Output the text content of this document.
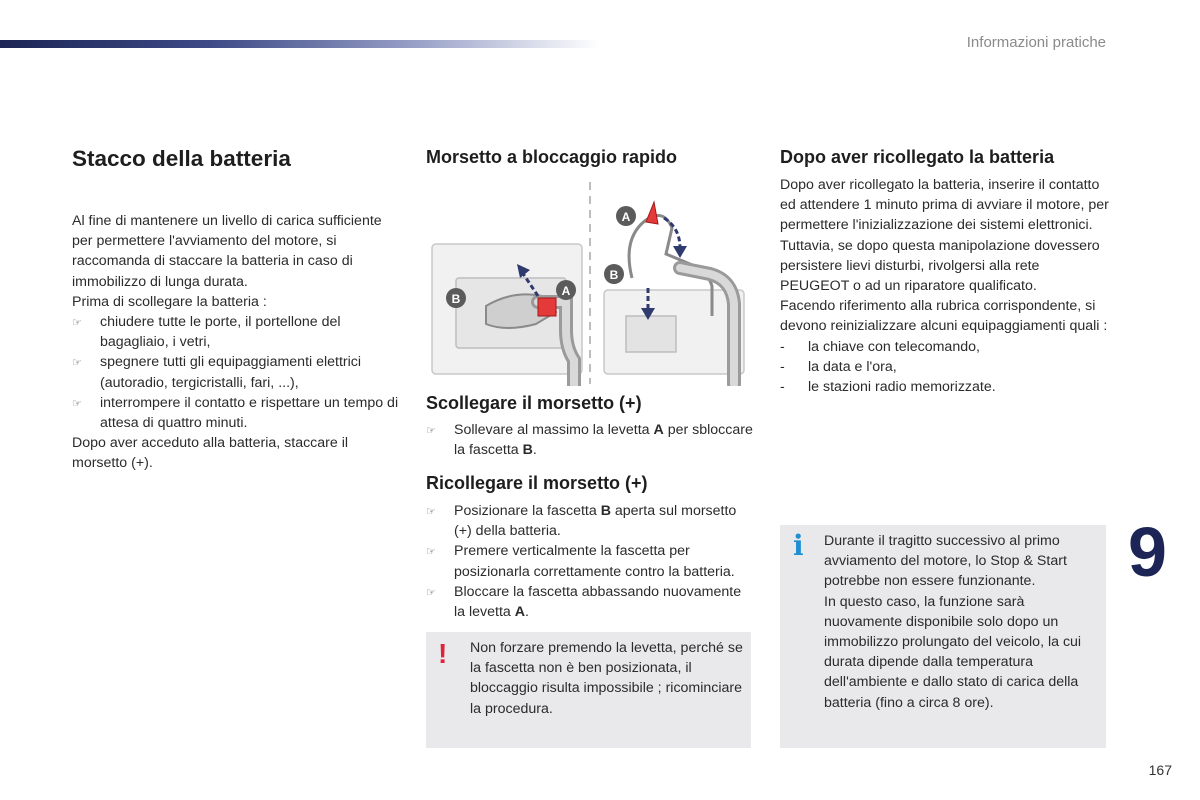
Informazioni pratiche
Stacco della batteria

Al fine di mantenere un livello di carica sufficiente per permettere l'avviamento del motore, si raccomanda di staccare la batteria in caso di immobilizzo di lunga durata.

Prima di scollegare la batteria :

☞	chiudere tutte le porte, il portellone del bagagliaio, i vetri,
☞	spegnere tutti gli equipaggiamenti elettrici (autoradio, tergicristalli, fari, ...),
☞	interrompere il contatto e rispettare un tempo di attesa di quattro minuti.

Dopo aver acceduto alla batteria, staccare il morsetto (+).

Morsetto a bloccaggio rapido
A
B
A
B
Scollegare il morsetto (+)
☞	Sollevare al massimo la levetta A per sbloccare la fascetta B.
Ricollegare il morsetto (+)
☞	Posizionare la fascetta B aperta sul morsetto (+) della batteria.
☞	Premere verticalmente la fascetta per posizionarla correttamente contro la batteria.
☞	Bloccare la fascetta abbassando nuovamente la levetta A.
! Non forzare premendo la levetta, perché se la fascetta non è ben posizionata, il bloccaggio risulta impossibile ; ricominciare la procedura.
Dopo aver ricollegato la batteria

Dopo aver ricollegato la batteria, inserire il contatto ed attendere 1 minuto prima di avviare il motore, per permettere l'inizializzazione dei sistemi elettronici.

Tuttavia, se dopo questa manipolazione dovessero persistere lievi disturbi, rivolgersi alla rete PEUGEOT o ad un riparatore qualificato.

Facendo riferimento alla rubrica corrispondente, si devono reinizializzare alcuni equipaggiamenti quali :

-	la chiave con telecomando,
-	la data e l'ora,
-	le stazioni radio memorizzate.
i Durante il tragitto successivo al primo avviamento del motore, lo Stop & Start potrebbe non essere funzionante.
In questo caso, la funzione sarà nuovamente disponibile solo dopo un immobilizzo prolungato del veicolo, la cui durata dipende dalla temperatura dell'ambiente e dallo stato di carica della batteria (fino a circa 8 ore).
9
167
